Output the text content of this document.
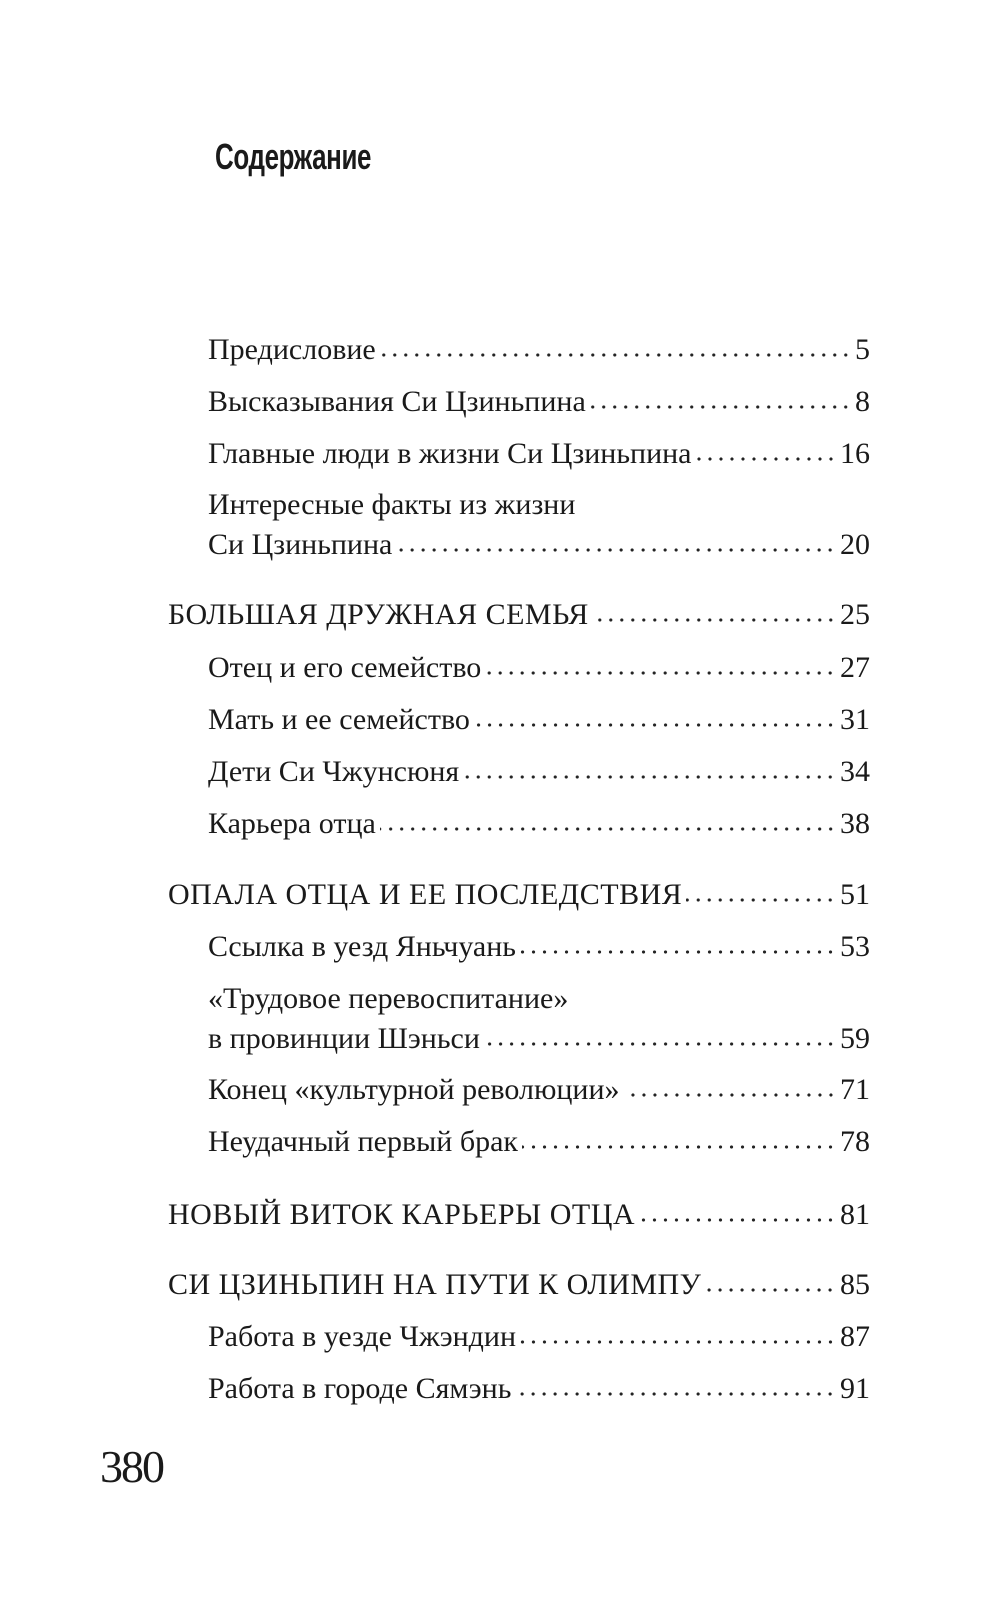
Содержание
Предисловие	5
Высказывания Си Цзиньпина	8
Главные люди в жизни Си Цзиньпина	16
Интересные факты из жизни
Си Цзиньпина	20
БОЛЬШАЯ ДРУЖНАЯ СЕМЬЯ	25
Отец и его семейство	27
Мать и ее семейство	31
Дети Си Чжунсюня	34
Карьера отца	38
ОПАЛА ОТЦА И ЕЕ ПОСЛЕДСТВИЯ	51
Ссылка в уезд Яньчуань	53
«Трудовое перевоспитание»
в провинции Шэньси	59
Конец «культурной революции»	71
Неудачный первый брак	78
НОВЫЙ ВИТОК КАРЬЕРЫ ОТЦА	81
СИ ЦЗИНЬПИН НА ПУТИ К ОЛИМПУ	85
Работа в уезде Чжэндин	87
Работа в городе Сямэнь	91
380
